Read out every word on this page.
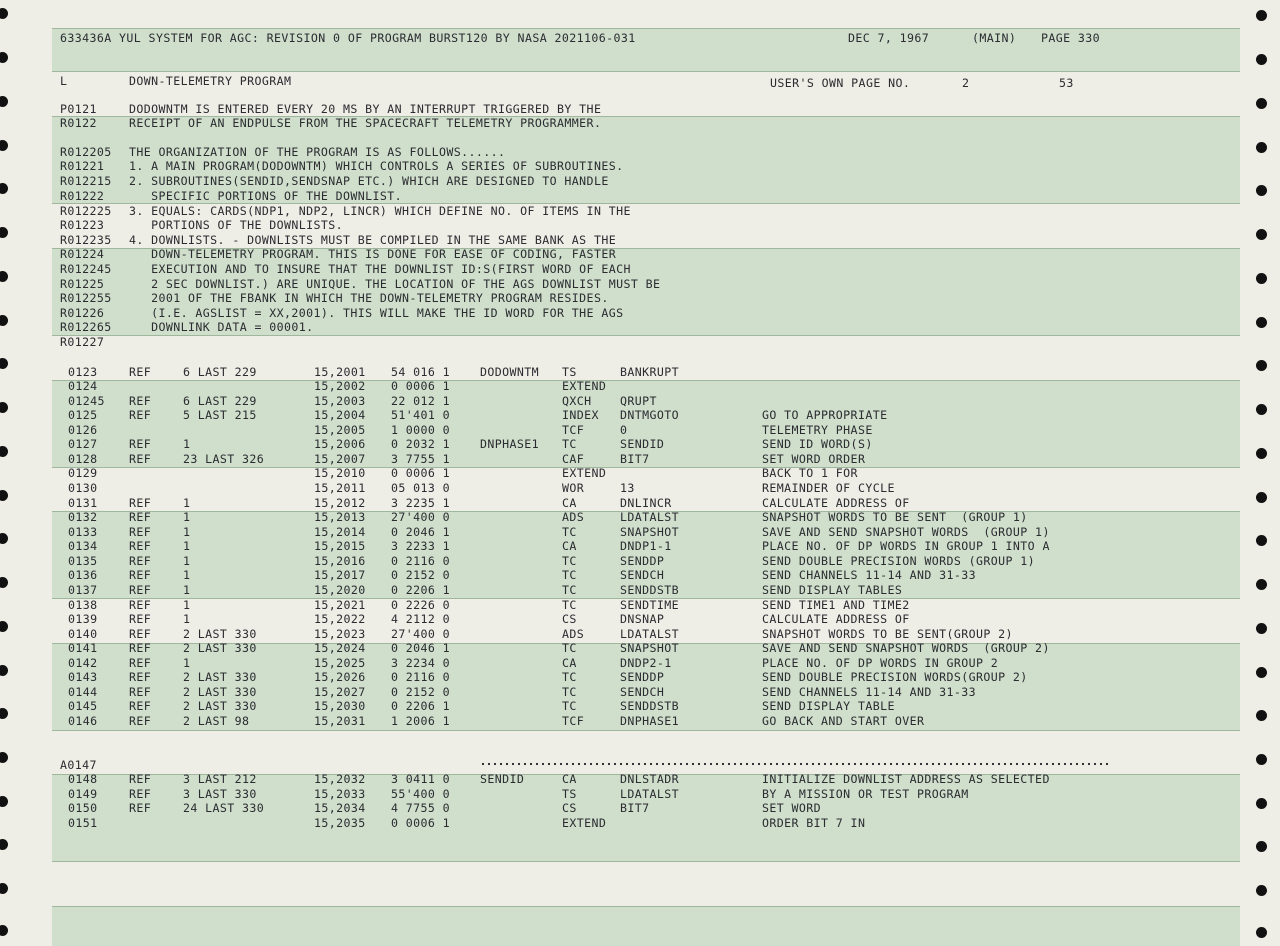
633436A YUL SYSTEM FOR AGC: REVISION 0 OF PROGRAM BURST120 BY NASA 2021106-031	DEC 7, 1967	(MAIN) PAGE 330
L	DOWN-TELEMETRY PROGRAM	USER'S OWN PAGE NO.	2	53
P0121	DODOWNTM IS ENTERED EVERY 20 MS BY AN INTERRUPT TRIGGERED BY THE
R0122	RECEIPT OF AN ENDPULSE FROM THE SPACECRAFT TELEMETRY PROGRAMMER.
R012205 THE ORGANIZATION OF THE PROGRAM IS AS FOLLOWS......
R01221 1. A MAIN PROGRAM(DODOWNTM) WHICH CONTROLS A SERIES OF SUBROUTINES.
R012215 2. SUBROUTINES(SENDID,SENDSNAP ETC.) WHICH ARE DESIGNED TO HANDLE
R01222 SPECIFIC PORTIONS OF THE DOWNLIST.
R012225 3. EQUALS: CARDS(NDP1, NDP2, LINCR) WHICH DEFINE NO. OF ITEMS IN THE
R01223 PORTIONS OF THE DOWNLISTS.
R012235 4. DOWNLISTS. - DOWNLISTS MUST BE COMPILED IN THE SAME BANK AS THE
R01224 DOWN-TELEMETRY PROGRAM. THIS IS DONE FOR EASE OF CODING, FASTER
R012245 EXECUTION AND TO INSURE THAT THE DOWNLIST ID:S(FIRST WORD OF EACH
R01225 2 SEC DOWNLIST.) ARE UNIQUE. THE LOCATION OF THE AGS DOWNLIST MUST BE
R012255 2001 OF THE FBANK IN WHICH THE DOWN-TELEMETRY PROGRAM RESIDES.
R01226 (I.E. AGSLIST = XX,2001). THIS WILL MAKE THE ID WORD FOR THE AGS
R012265 DOWNLINK DATA = 00001.
R01227
0123	REF	6 LAST 229	15,2001 54 016 1	DODOWNTM TS	BANKRUPT
0124	15,2002 0 0006 1	EXTEND
01245 REF	6 LAST 229	15,2003 22 012 1	QXCH QRUPT
0125	REF	5 LAST 215	15,2004 51'401 0	INDEX DNTMGOTO	GO TO APPROPRIATE
0126	15,2005 1 0000 0	TCF	0	TELEMETRY PHASE
0127	REF	1	15,2006 0 2032 1	DNPHASE1 TC	SENDID	SEND ID WORD(S)
0128	REF	23 LAST 326	15,2007 3 7755 1	CAF	BIT7	SET WORD ORDER
0129	15,2010 0 0006 1	EXTEND	BACK TO 1 FOR
0130	15,2011 05 013 0	WOR	13	REMAINDER OF CYCLE
0131	REF	1	15,2012 3 2235 1	CA	DNLINCR	CALCULATE ADDRESS OF
0132	REF	1	15,2013 27'400 0	ADS	LDATALST	SNAPSHOT WORDS TO BE SENT  (GROUP 1)
0133	REF	1	15,2014 0 2046 1	TC	SNAPSHOT	SAVE AND SEND SNAPSHOT WORDS  (GROUP 1)
0134	REF	1	15,2015 3 2233 1	CA	DNDP1-1	PLACE NO. OF DP WORDS IN GROUP 1 INTO A
0135	REF	1	15,2016 0 2116 0	TC	SENDDP	SEND DOUBLE PRECISION WORDS (GROUP 1)
0136	REF	1	15,2017 0 2152 0	TC	SENDCH	SEND CHANNELS 11-14 AND 31-33
0137	REF	1	15,2020 0 2206 1	TC	SENDDSTB	SEND DISPLAY TABLES
0138	REF	1	15,2021 0 2226 0	TC	SENDTIME	SEND TIME1 AND TIME2
0139	REF	1	15,2022 4 2112 0	CS	DNSNAP	CALCULATE ADDRESS OF
0140	REF	2 LAST 330	15,2023 27'400 0	ADS	LDATALST	SNAPSHOT WORDS TO BE SENT(GROUP 2)
0141	REF	2 LAST 330	15,2024 0 2046 1	TC	SNAPSHOT	SAVE AND SEND SNAPSHOT WORDS  (GROUP 2)
0142	REF	1	15,2025 3 2234 0	CA	DNDP2-1	PLACE NO. OF DP WORDS IN GROUP 2
0143	REF	2 LAST 330	15,2026 0 2116 0	TC	SENDDP	SEND DOUBLE PRECISION WORDS(GROUP 2)
0144	REF	2 LAST 330	15,2027 0 2152 0	TC	SENDCH	SEND CHANNELS 11-14 AND 31-33
0145	REF	2 LAST 330	15,2030 0 2206 1	TC	SENDDSTB	SEND DISPLAY TABLE
0146	REF	2 LAST 98	15,2031 1 2006 1	TCF	DNPHASE1	GO BACK AND START OVER
A0147
0148	REF	3 LAST 212	15,2032 3 0411 0	SENDID	CA	DNLSTADR	INITIALIZE DOWNLIST ADDRESS AS SELECTED
0149	REF	3 LAST 330	15,2033 55'400 0	TS	LDATALST	BY A MISSION OR TEST PROGRAM
0150	REF	24 LAST 330	15,2034 4 7755 0	CS	BIT7	SET WORD
0151	15,2035 0 0006 1	EXTEND	ORDER BIT 7 IN
